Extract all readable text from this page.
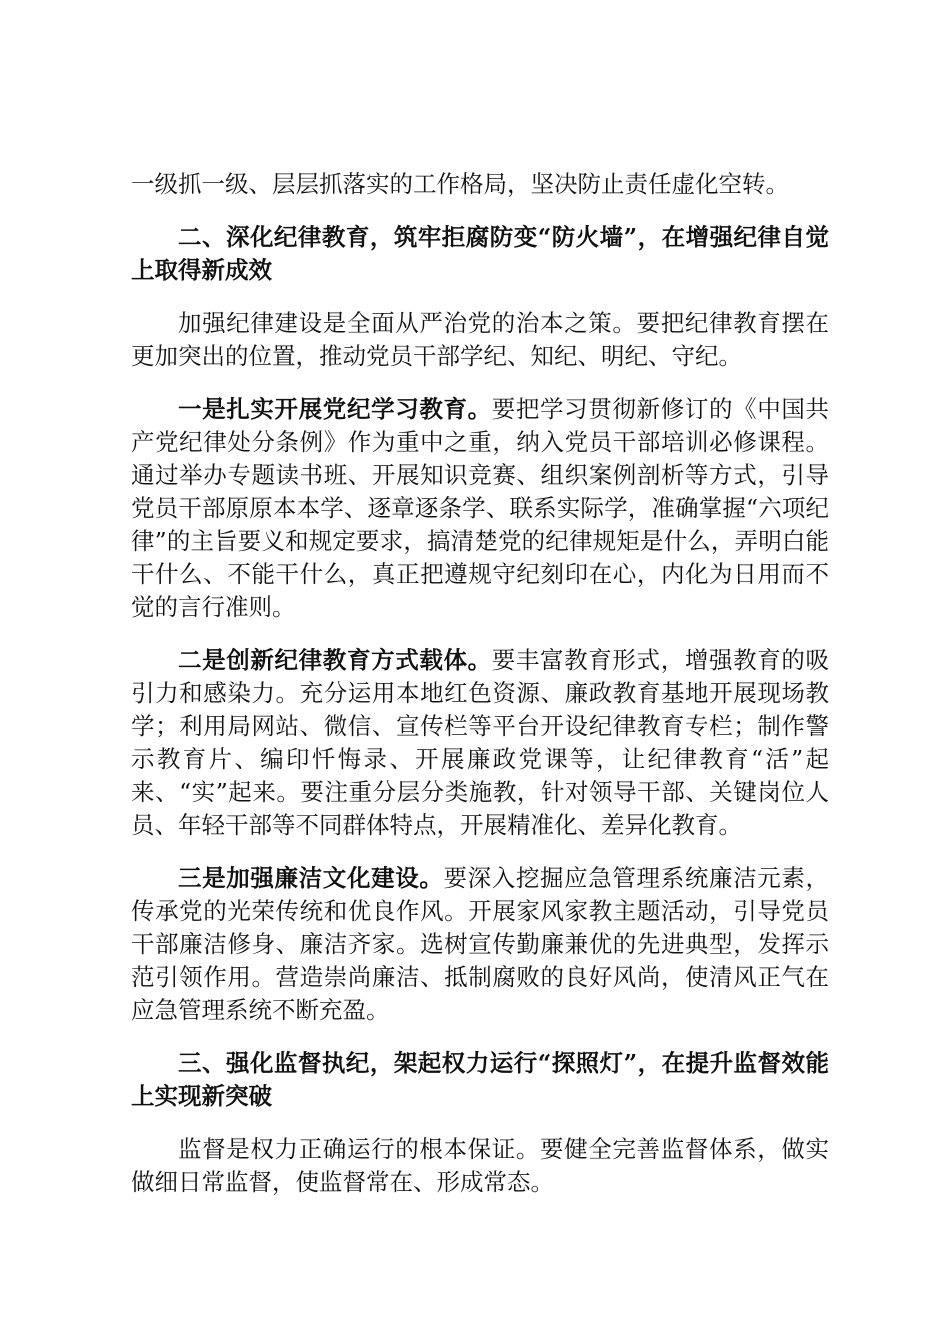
一级抓一级、层层抓落实的工作格局，坚决防止责任虚化空转。

二、深化纪律教育，筑牢拒腐防变“防火墙”，在增强纪律自觉上取得新成效

加强纪律建设是全面从严治党的治本之策。要把纪律教育摆在更加突出的位置，推动党员干部学纪、知纪、明纪、守纪。

一是扎实开展党纪学习教育。要把学习贯彻新修订的《中国共产党纪律处分条例》作为重中之重，纳入党员干部培训必修课程。通过举办专题读书班、开展知识竞赛、组织案例剖析等方式，引导党员干部原原本本学、逐章逐条学、联系实际学，准确掌握“六项纪律”的主旨要义和规定要求，搞清楚党的纪律规矩是什么，弄明白能干什么、不能干什么，真正把遵规守纪刻印在心，内化为日用而不觉的言行准则。

二是创新纪律教育方式载体。要丰富教育形式，增强教育的吸引力和感染力。充分运用本地红色资源、廉政教育基地开展现场教学；利用局网站、微信、宣传栏等平台开设纪律教育专栏；制作警示教育片、编印忏悔录、开展廉政党课等，让纪律教育“活”起来、“实”起来。要注重分层分类施教，针对领导干部、关键岗位人员、年轻干部等不同群体特点，开展精准化、差异化教育。

三是加强廉洁文化建设。要深入挖掘应急管理系统廉洁元素，传承党的光荣传统和优良作风。开展家风家教主题活动，引导党员干部廉洁修身、廉洁齐家。选树宣传勤廉兼优的先进典型，发挥示范引领作用。营造崇尚廉洁、抵制腐败的良好风尚，使清风正气在应急管理系统不断充盈。

三、强化监督执纪，架起权力运行“探照灯”，在提升监督效能上实现新突破

监督是权力正确运行的根本保证。要健全完善监督体系，做实做细日常监督，使监督常在、形成常态。
